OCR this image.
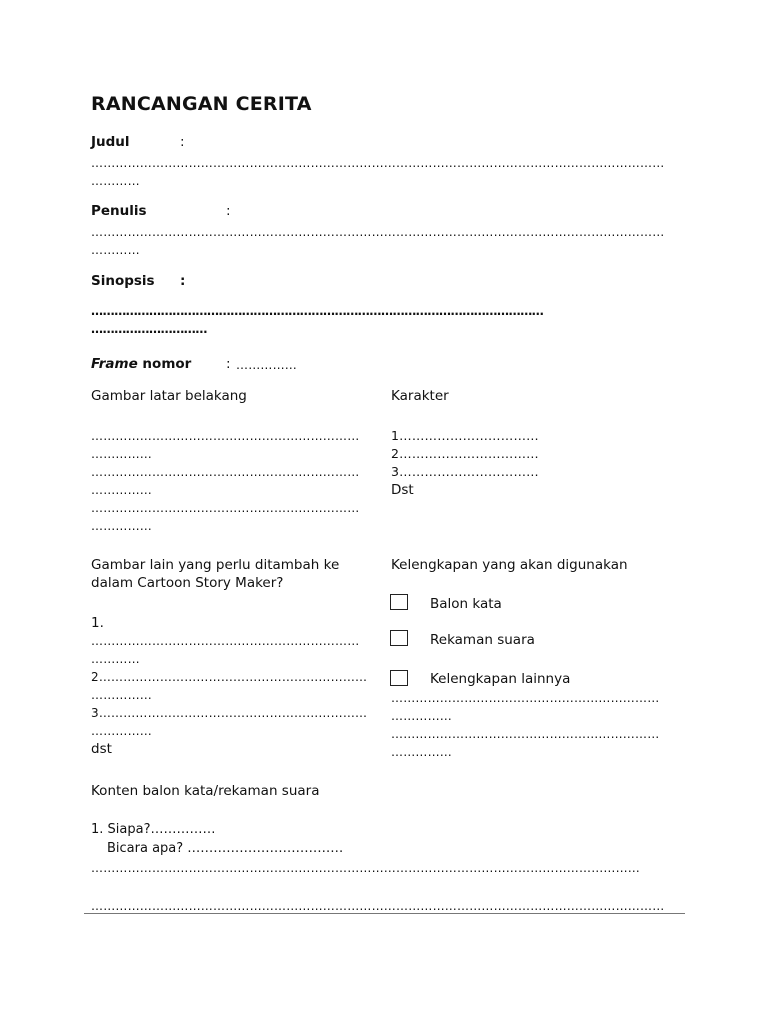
RANCANGAN CERITA
Judul	:
……………………………………………………………………………………………………………………………
…………
Penulis	:
……………………………………………………………………………………………………………………………
…………
Sinopsis :
………………………………………………………………………………………………………
…………………………
Frame nomor	: ……………
Gambar latar belakang
…………………………………………………………
……………
…………………………………………………………
……………
…………………………………………………………
……………
Karakter
1……………………………
2……………………………
3……………………………
Dst
Gambar lain yang perlu ditambah ke
dalam Cartoon Story Maker?
1.
…………………………………………………………
…………
2…………………………………………………………
……………
3…………………………………………………………
……………
dst
Kelengkapan yang akan digunakan
Balon kata
Rekaman suara
Kelengkapan lainnya
…………………………………………………………
……………
…………………………………………………………
……………
Konten balon kata/rekaman suara
1. Siapa?……………
Bicara apa? ………………………………
………………………………………………………………………………………………………………………
……………………………………………………………………………………………………………………………
